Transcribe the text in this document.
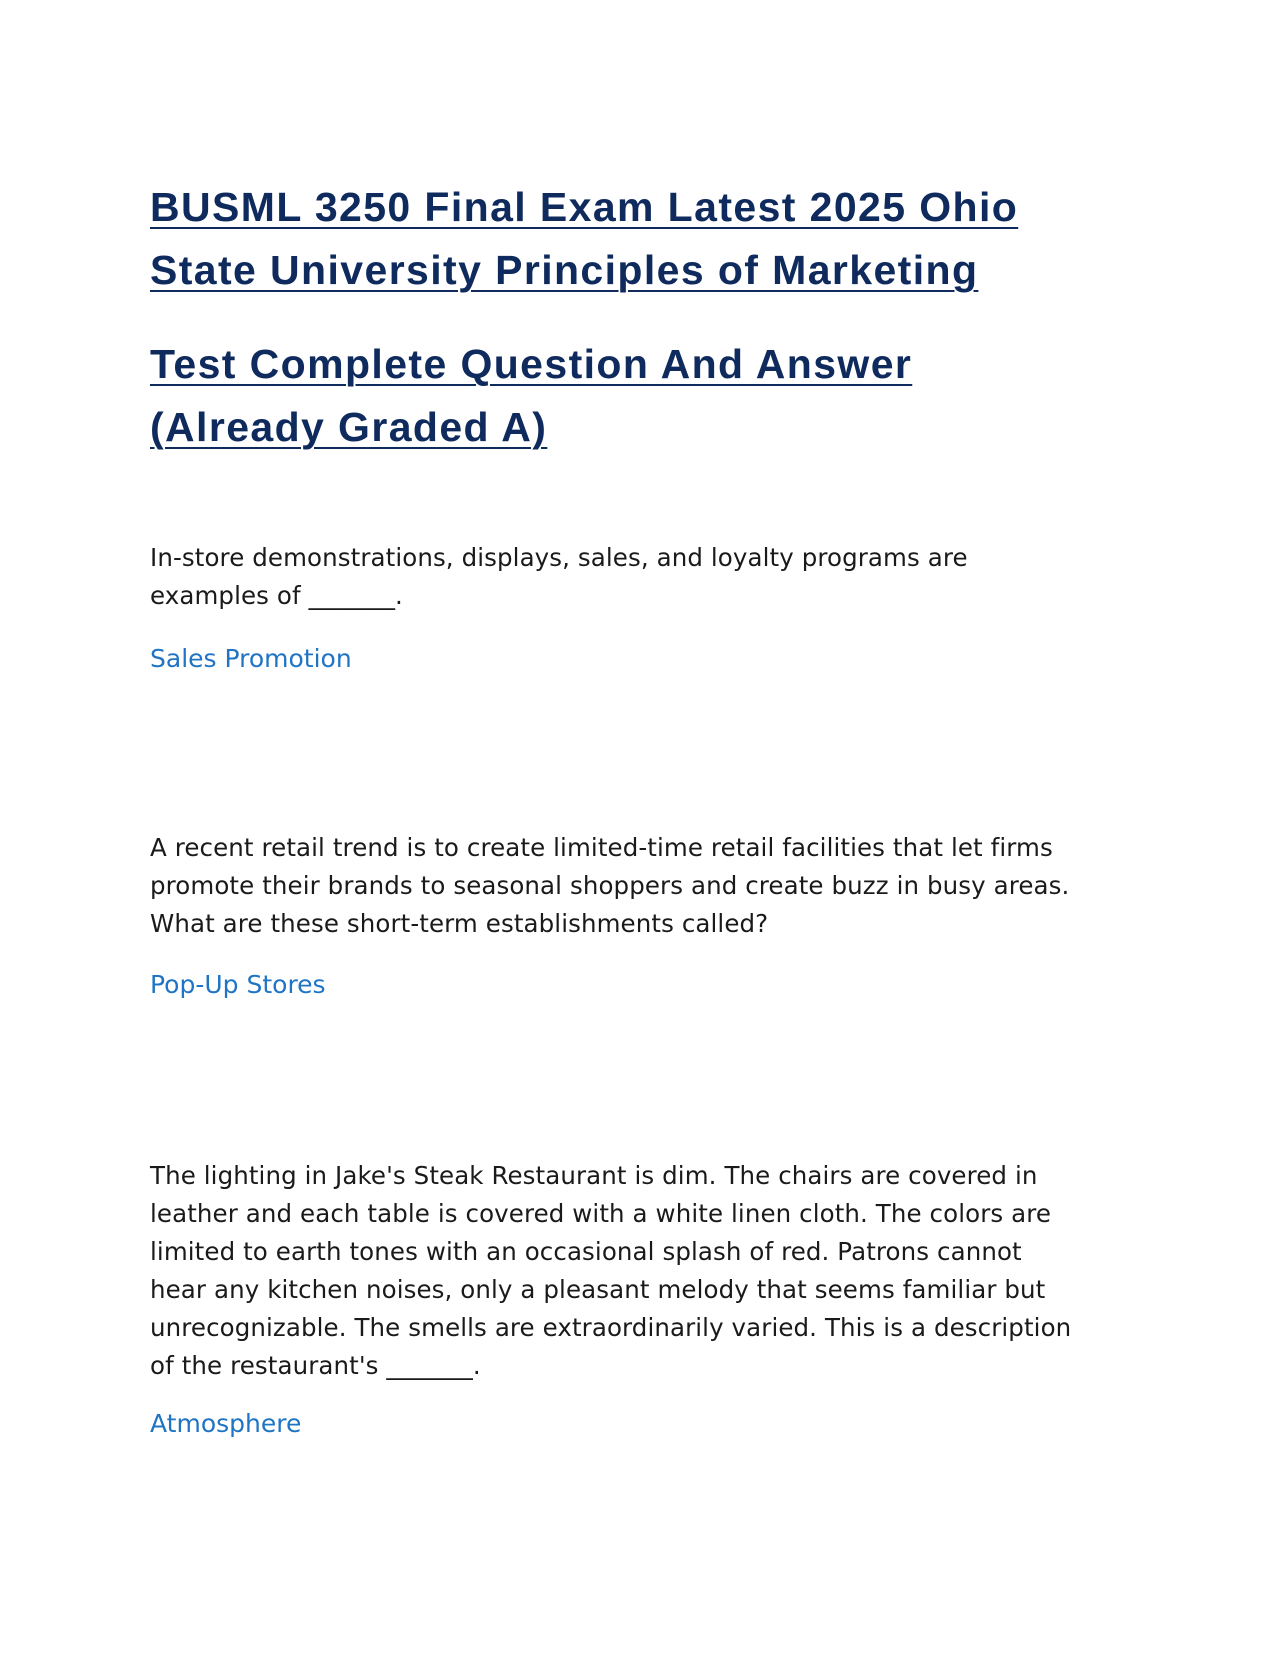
BUSML 3250 Final Exam Latest 2025 Ohio
State University Principles of Marketing
Test Complete Question And Answer
(Already Graded A)

In-store demonstrations, displays, sales, and loyalty programs are
examples of _______.

Sales Promotion

A recent retail trend is to create limited-time retail facilities that let firms
promote their brands to seasonal shoppers and create buzz in busy areas.
What are these short-term establishments called?

Pop-Up Stores

The lighting in Jake's Steak Restaurant is dim. The chairs are covered in
leather and each table is covered with a white linen cloth. The colors are
limited to earth tones with an occasional splash of red. Patrons cannot
hear any kitchen noises, only a pleasant melody that seems familiar but
unrecognizable. The smells are extraordinarily varied. This is a description
of the restaurant's _______.

Atmosphere
